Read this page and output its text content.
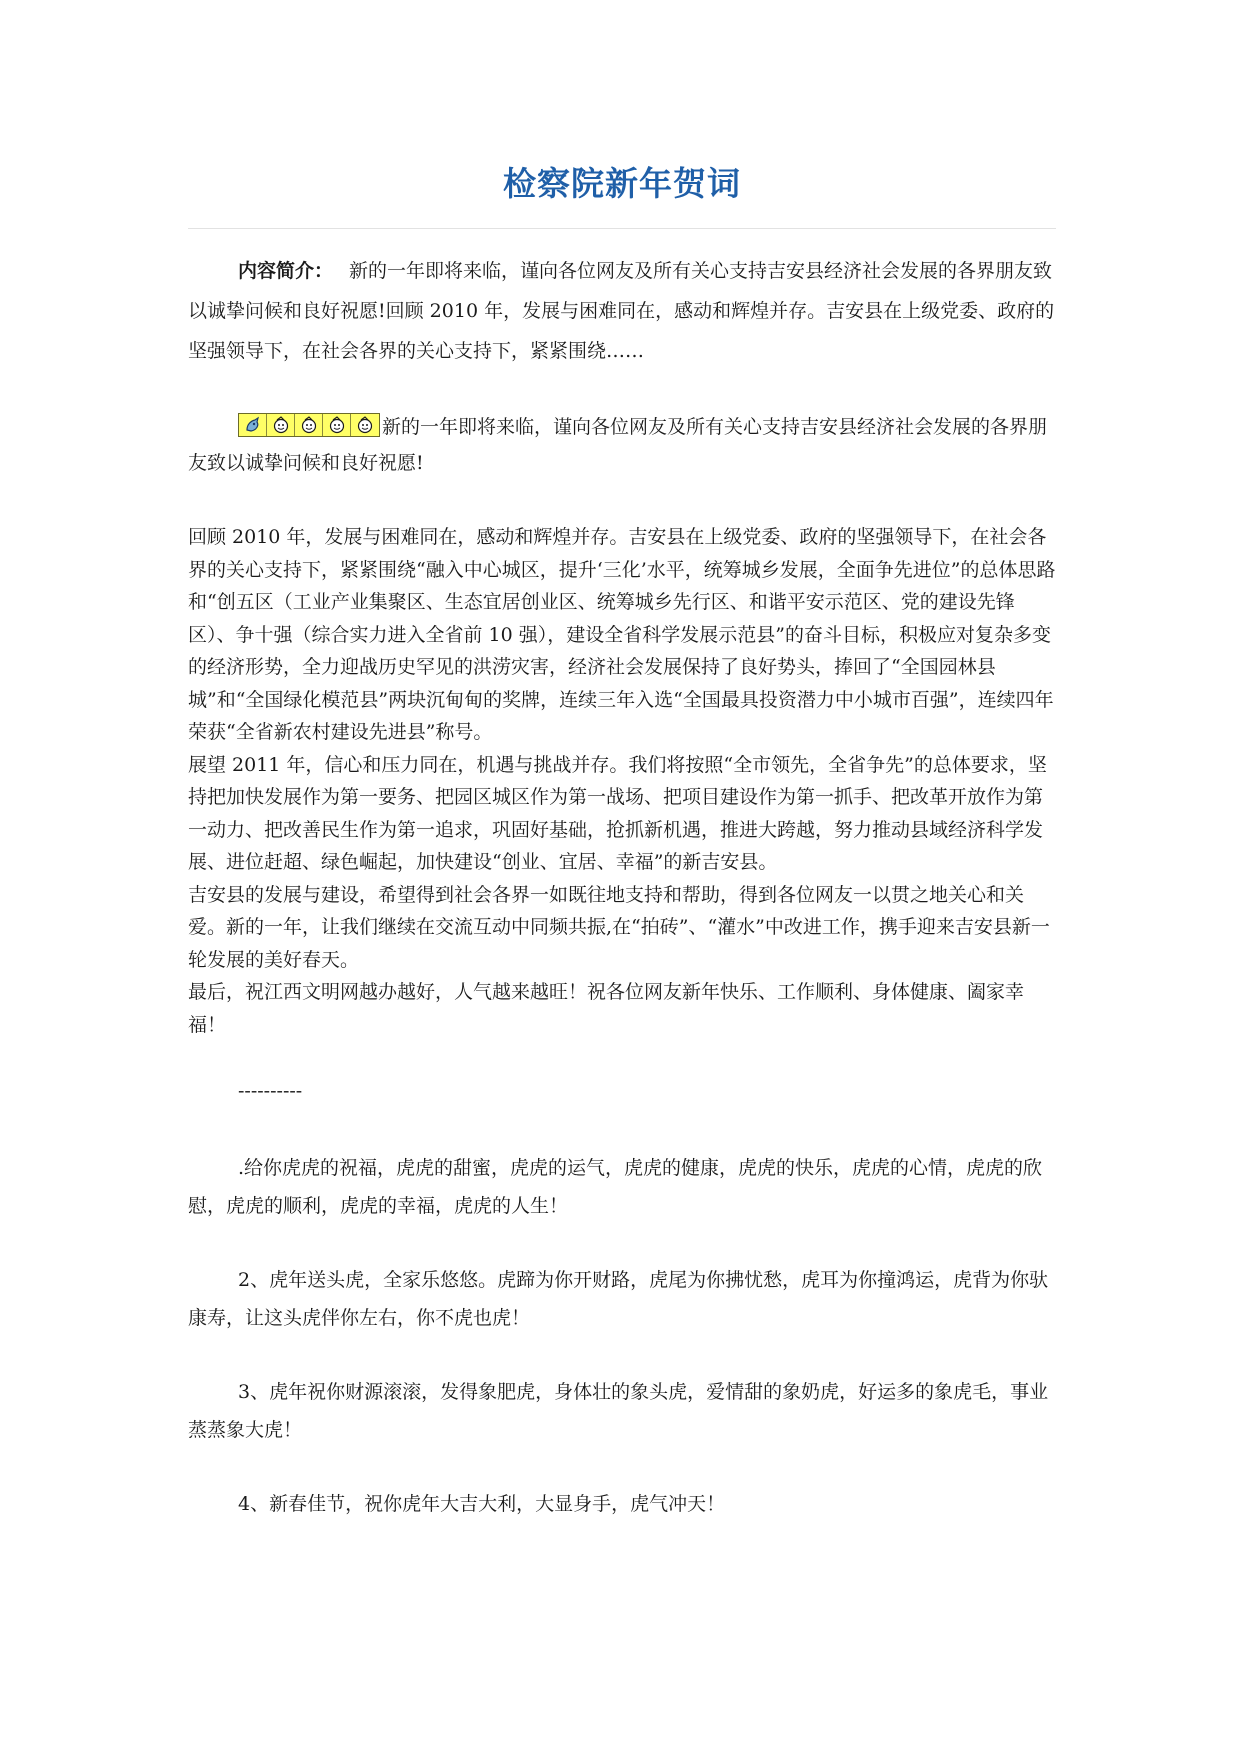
检察院新年贺词

内容简介： 新的一年即将来临，谨向各位网友及所有关心支持吉安县经济社会发展的各界朋友致以诚挚问候和良好祝愿!回顾 2010 年，发展与困难同在，感动和辉煌并存。吉安县在上级党委、政府的坚强领导下，在社会各界的关心支持下，紧紧围绕……

新的一年即将来临，谨向各位网友及所有关心支持吉安县经济社会发展的各界朋友致以诚挚问候和良好祝愿!

回顾 2010 年，发展与困难同在，感动和辉煌并存。吉安县在上级党委、政府的坚强领导下，在社会各界的关心支持下，紧紧围绕“融入中心城区，提升‘三化’水平，统筹城乡发展，全面争先进位”的总体思路和“创五区（工业产业集聚区、生态宜居创业区、统筹城乡先行区、和谐平安示范区、党的建设先锋区）、争十强（综合实力进入全省前 10 强），建设全省科学发展示范县”的奋斗目标，积极应对复杂多变的经济形势，全力迎战历史罕见的洪涝灾害，经济社会发展保持了良好势头，捧回了“全国园林县城”和“全国绿化模范县”两块沉甸甸的奖牌，连续三年入选“全国最具投资潜力中小城市百强”，连续四年荣获“全省新农村建设先进县”称号。

展望 2011 年，信心和压力同在，机遇与挑战并存。我们将按照“全市领先，全省争先”的总体要求，坚持把加快发展作为第一要务、把园区城区作为第一战场、把项目建设作为第一抓手、把改革开放作为第一动力、把改善民生作为第一追求，巩固好基础，抢抓新机遇，推进大跨越，努力推动县域经济科学发展、进位赶超、绿色崛起，加快建设“创业、宜居、幸福”的新吉安县。

吉安县的发展与建设，希望得到社会各界一如既往地支持和帮助，得到各位网友一以贯之地关心和关爱。新的一年，让我们继续在交流互动中同频共振,在“拍砖”、“灌水”中改进工作，携手迎来吉安县新一轮发展的美好春天。

最后，祝江西文明网越办越好，人气越来越旺！祝各位网友新年快乐、工作顺利、身体健康、阖家幸福！

----------

.给你虎虎的祝福，虎虎的甜蜜，虎虎的运气，虎虎的健康，虎虎的快乐，虎虎的心情，虎虎的欣慰，虎虎的顺利，虎虎的幸福，虎虎的人生！

2、虎年送头虎，全家乐悠悠。虎蹄为你开财路，虎尾为你拂忧愁，虎耳为你撞鸿运，虎背为你驮康寿，让这头虎伴你左右，你不虎也虎！

3、虎年祝你财源滚滚，发得象肥虎，身体壮的象头虎，爱情甜的象奶虎，好运多的象虎毛，事业蒸蒸象大虎！

4、新春佳节，祝你虎年大吉大利，大显身手，虎气冲天！
